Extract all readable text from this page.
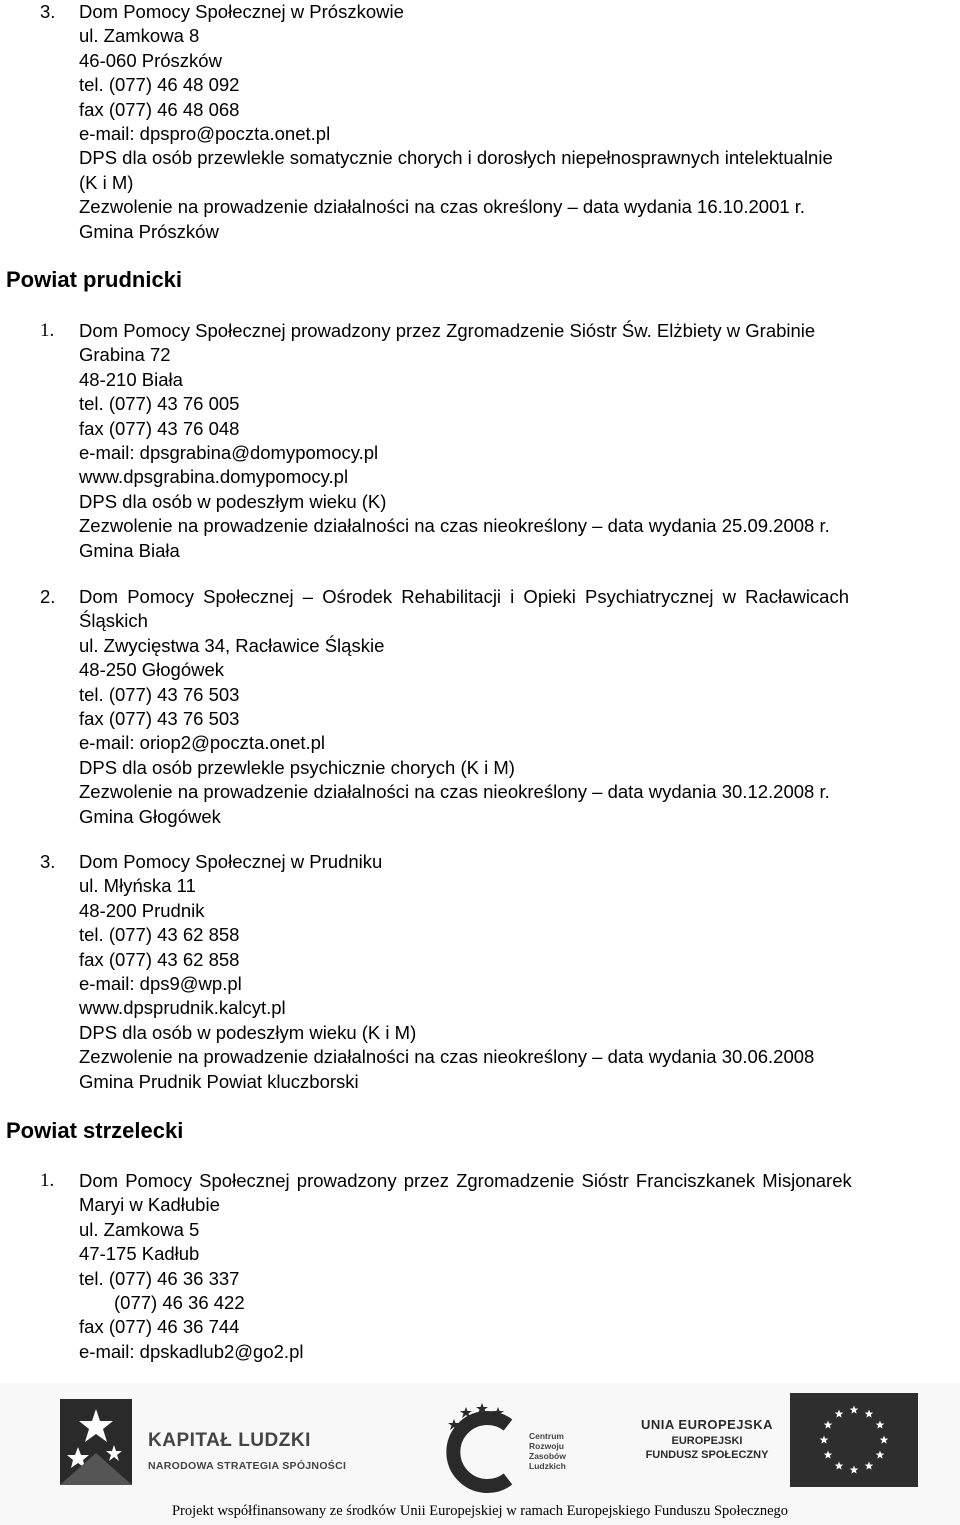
3. Dom Pomocy Społecznej w Prószkowie
ul. Zamkowa 8
46-060 Prószków
tel. (077) 46 48 092
fax (077) 46 48 068
e-mail: dpspro@poczta.onet.pl
DPS dla osób przewlekle somatycznie chorych i dorosłych niepełnosprawnych intelektualnie
(K i M)
Zezwolenie na prowadzenie działalności na czas określony – data wydania 16.10.2001 r.
Gmina Prószków
Powiat prudnicki
1. Dom Pomocy Społecznej prowadzony przez Zgromadzenie Sióstr Św. Elżbiety w Grabinie
Grabina 72
48-210 Biała
tel. (077) 43 76 005
fax (077) 43 76 048
e-mail: dpsgrabina@domypomocy.pl
www.dpsgrabina.domypomocy.pl
DPS dla osób w podeszłym wieku (K)
Zezwolenie na prowadzenie działalności na czas nieokreślony – data wydania 25.09.2008 r.
Gmina Biała
2. Dom Pomocy Społecznej – Ośrodek Rehabilitacji i Opieki Psychiatrycznej w Racławicach
Śląskich
ul. Zwycięstwa 34, Racławice Śląskie
48-250 Głogówek
tel. (077) 43 76 503
fax (077) 43 76 503
e-mail: oriop2@poczta.onet.pl
DPS dla osób przewlekle psychicznie chorych (K i M)
Zezwolenie na prowadzenie działalności na czas nieokreślony – data wydania 30.12.2008 r.
Gmina Głogówek
3. Dom Pomocy Społecznej w Prudniku
ul. Młyńska 11
48-200 Prudnik
tel. (077) 43 62 858
fax (077) 43 62 858
e-mail: dps9@wp.pl
www.dpsprudnik.kalcyt.pl
DPS dla osób w podeszłym wieku (K i M)
Zezwolenie na prowadzenie działalności na czas nieokreślony – data wydania 30.06.2008
Gmina Prudnik Powiat kluczborski
Powiat strzelecki
1. Dom Pomocy Społecznej prowadzony przez Zgromadzenie Sióstr Franciszkanek Misjonarek
Maryi w Kadłubie
ul. Zamkowa 5
47-175 Kadłub
tel. (077) 46 36 337
(077) 46 36 422
fax (077) 46 36 744
e-mail: dpskadlub2@go2.pl
KAPITAŁ LUDZKI
NARODOWA STRATEGIA SPÓJNOŚCI
Centrum
Rozwoju
Zasobów
Ludzkich
UNIA EUROPEJSKA
EUROPEJSKI
FUNDUSZ SPOŁECZNY
Projekt współfinansowany ze środków Unii Europejskiej w ramach Europejskiego Funduszu Społecznego
